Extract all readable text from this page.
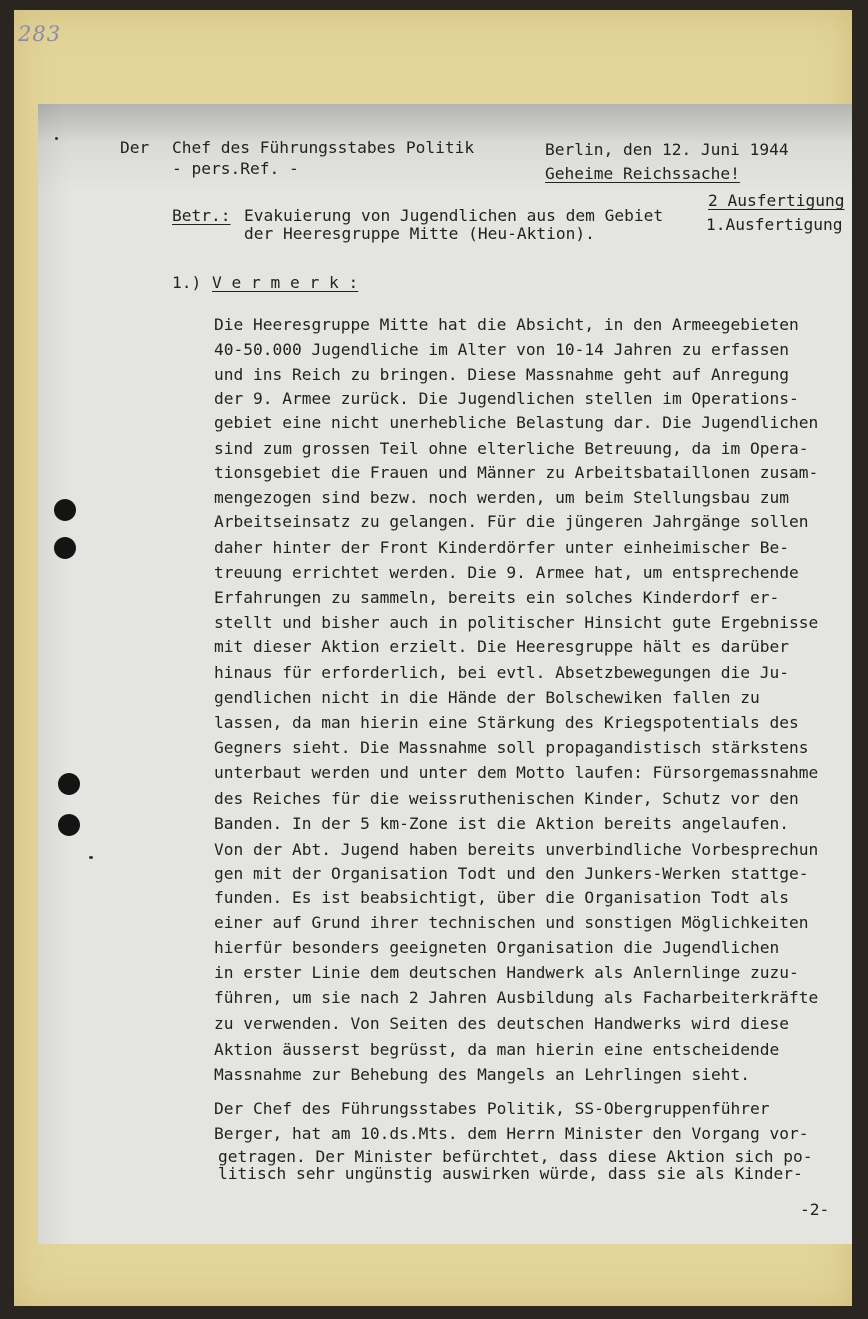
283
Der Chef des Führungsstabes Politik
- pers.Ref. -
Berlin, den 12. Juni 1944
Geheime Reichssache!
2 Ausfertigung
1.Ausfertigung
Betr.: Evakuierung von Jugendlichen aus dem Gebiet
der Heeresgruppe Mitte (Heu-Aktion).
1.) V e r m e r k :
Die Heeresgruppe Mitte hat die Absicht, in den Armeegebieten
40-50.000 Jugendliche im Alter von 10-14 Jahren zu erfassen
und ins Reich zu bringen. Diese Massnahme geht auf Anregung
der 9. Armee zurück. Die Jugendlichen stellen im Operations-
gebiet eine nicht unerhebliche Belastung dar. Die Jugendlichen
sind zum grossen Teil ohne elterliche Betreuung, da im Opera-
tionsgebiet die Frauen und Männer zu Arbeitsbataillonen zusam-
mengezogen sind bezw. noch werden, um beim Stellungsbau zum
Arbeitseinsatz zu gelangen. Für die jüngeren Jahrgänge sollen
daher hinter der Front Kinderdörfer unter einheimischer Be-
treuung errichtet werden. Die 9. Armee hat, um entsprechende
Erfahrungen zu sammeln, bereits ein solches Kinderdorf er-
stellt und bisher auch in politischer Hinsicht gute Ergebnisse
mit dieser Aktion erzielt. Die Heeresgruppe hält es darüber
hinaus für erforderlich, bei evtl. Absetzbewegungen die Ju-
gendlichen nicht in die Hände der Bolschewiken fallen zu
lassen, da man hierin eine Stärkung des Kriegspotentials des
Gegners sieht. Die Massnahme soll propagandistisch stärkstens
unterbaut werden und unter dem Motto laufen: Fürsorgemassnahme
des Reiches für die weissruthenischen Kinder, Schutz vor den
Banden. In der 5 km-Zone ist die Aktion bereits angelaufen.
Von der Abt. Jugend haben bereits unverbindliche Vorbesprechun
gen mit der Organisation Todt und den Junkers-Werken stattge-
funden. Es ist beabsichtigt, über die Organisation Todt als
einer auf Grund ihrer technischen und sonstigen Möglichkeiten
hierfür besonders geeigneten Organisation die Jugendlichen
in erster Linie dem deutschen Handwerk als Anlernlinge zuzu-
führen, um sie nach 2 Jahren Ausbildung als Facharbeiterkräfte
zu verwenden. Von Seiten des deutschen Handwerks wird diese
Aktion äusserst begrüsst, da man hierin eine entscheidende
Massnahme zur Behebung des Mangels an Lehrlingen sieht.
Der Chef des Führungsstabes Politik, SS-Obergruppenführer
Berger, hat am 10.ds.Mts. dem Herrn Minister den Vorgang vor-
getragen. Der Minister befürchtet, dass diese Aktion sich po-
litisch sehr ungünstig auswirken würde, dass sie als Kinder-
-2-
